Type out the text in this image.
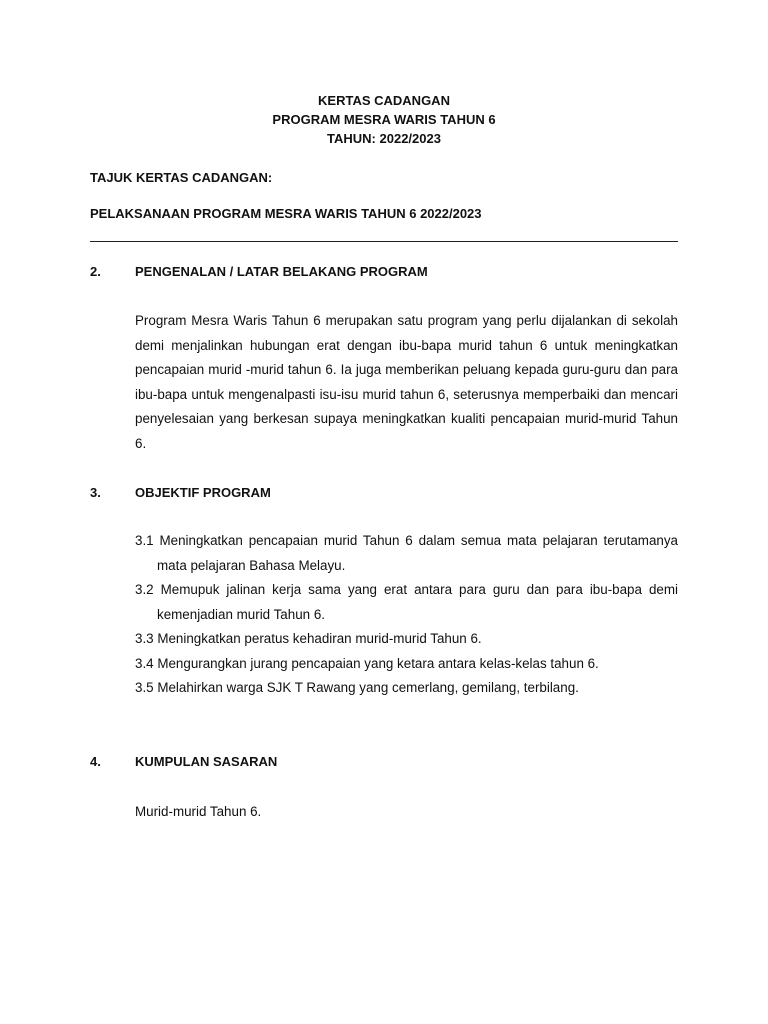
KERTAS CADANGAN
PROGRAM MESRA WARIS TAHUN 6
TAHUN: 2022/2023
TAJUK KERTAS CADANGAN:
PELAKSANAAN PROGRAM MESRA WARIS TAHUN 6 2022/2023
2.	PENGENALAN / LATAR BELAKANG PROGRAM

Program Mesra Waris Tahun 6 merupakan satu program yang perlu dijalankan di sekolah demi menjalinkan hubungan erat dengan ibu-bapa murid tahun 6 untuk meningkatkan pencapaian murid -murid tahun 6. Ia juga memberikan peluang kepada guru-guru dan para ibu-bapa untuk mengenalpasti isu-isu murid tahun 6, seterusnya memperbaiki dan mencari penyelesaian yang berkesan supaya meningkatkan kualiti pencapaian murid-murid Tahun 6.

3.	OBJEKTIF PROGRAM
3.1 Meningkatkan pencapaian murid Tahun 6 dalam semua mata pelajaran terutamanya mata pelajaran Bahasa Melayu.
3.2 Memupuk jalinan kerja sama yang erat antara para guru dan para ibu-bapa demi kemenjadian murid Tahun 6.
3.3 Meningkatkan peratus kehadiran murid-murid Tahun 6.
3.4 Mengurangkan jurang pencapaian yang ketara antara kelas-kelas tahun 6.
3.5 Melahirkan warga SJK T Rawang yang cemerlang, gemilang, terbilang.
4.	KUMPULAN SASARAN
Murid-murid Tahun 6.
